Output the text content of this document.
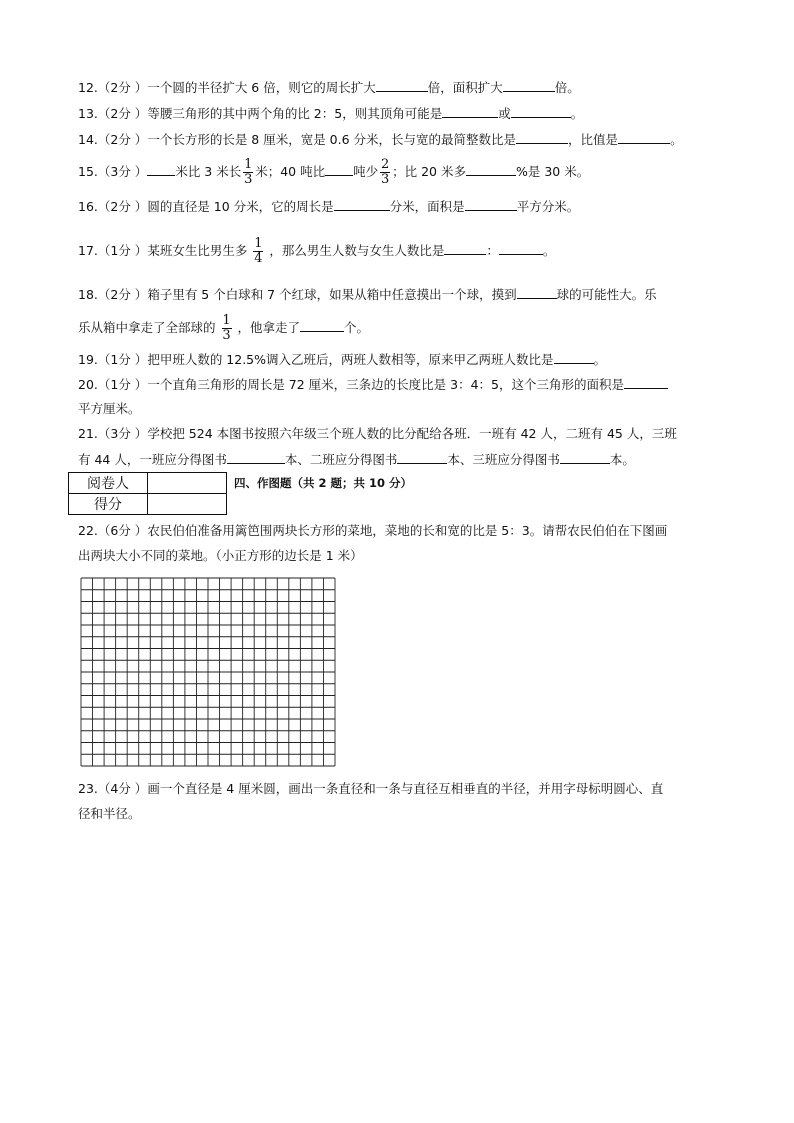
12.（2分 ）一个圆的半径扩大 6 倍，则它的周长扩大	倍，面积扩大	倍。
13.（2分 ）等腰三角形的其中两个角的比 2：5，则其顶角可能是	或	。
14.（2分 ）一个长方形的长是 8 厘米，宽是 0.6 分米，长与宽的最简整数比是	，比值是	。
15.（3分 ） 米比 3 米长 $\frac{1}{3}$ 米；40 吨比 吨少 $\frac{2}{3}$ ；比 20 米多	%是 30 米。
16.（2分 ）圆的直径是 10 分米，它的周长是	分米，面积是	平方分米。
17.（1分 ）某班女生比男生多 $\frac{1}{4}$ ，那么男生人数与女生人数比是	：	。
18.（2分 ）箱子里有 5 个白球和 7 个红球，如果从箱中任意摸出一个球，摸到	球的可能性大。乐
乐从箱中拿走了全部球的 $\frac{1}{3}$ ，他拿走了	个。
19.（1分 ）把甲班人数的 12.5%调入乙班后，两班人数相等，原来甲乙两班人数比是	。
20.（1分 ）一个直角三角形的周长是 72 厘米，三条边的长度比是 3：4：5，这个三角形的面积是
平方厘米。
21.（3分 ）学校把 524 本图书按照六年级三个班人数的比分配给各班．一班有 42 人，二班有 45 人，三班
有 44 人，一班应分得图书	本、二班应分得图书	本、三班应分得图书	本。
阅卷人	
得分	
四、作图题（共 2 题；共 10 分）
22.（6分 ）农民伯伯准备用篱笆围两块长方形的菜地，菜地的长和宽的比是 5：3。请帮农民伯伯在下图画
出两块大小不同的菜地。（小正方形的边长是 1 米）
23.（4分 ）画一个直径是 4 厘米圆，画出一条直径和一条与直径互相垂直的半径，并用字母标明圆心、直
径和半径。
